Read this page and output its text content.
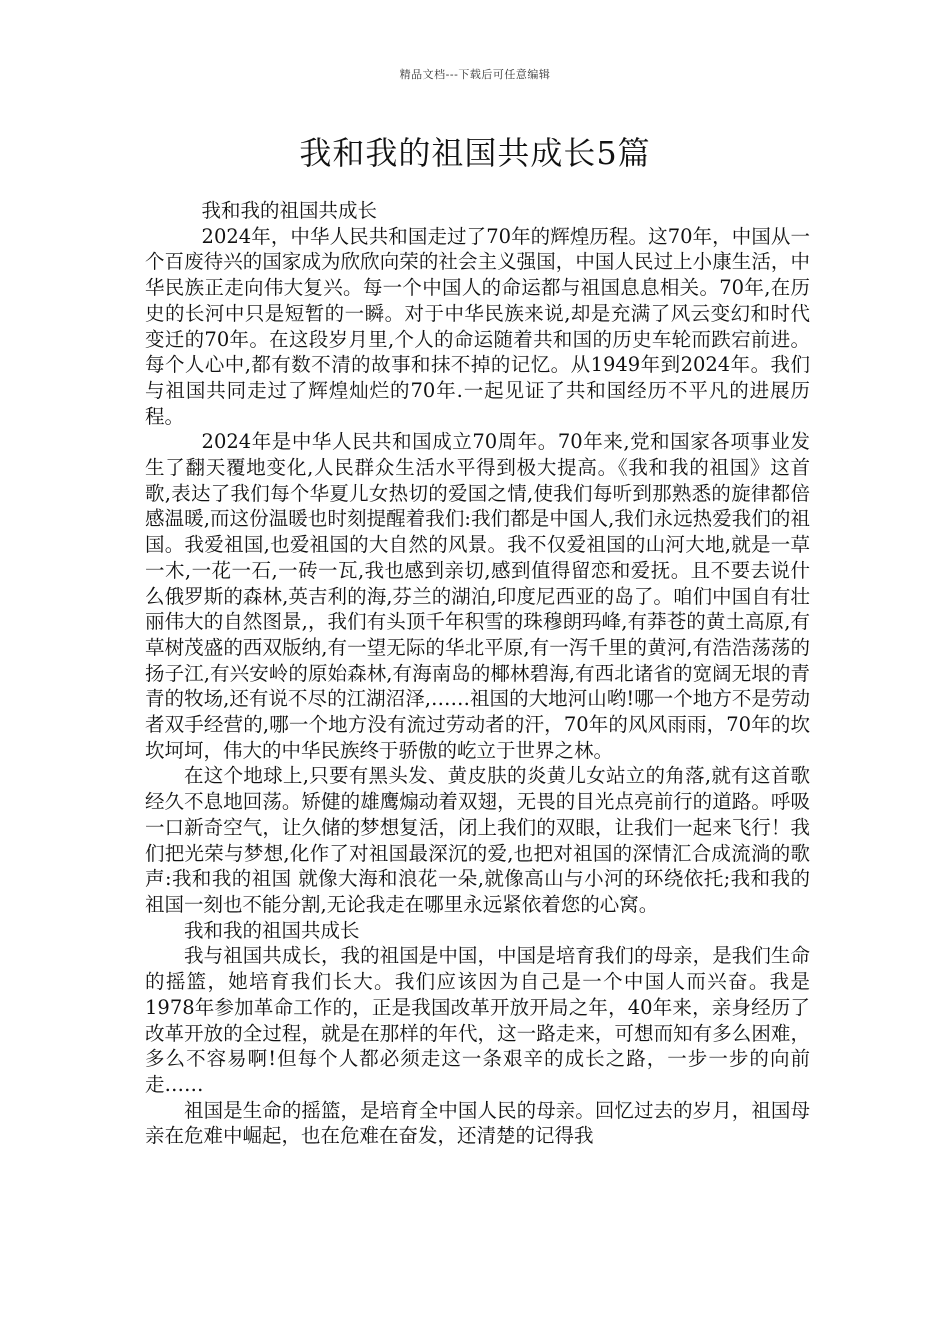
精品文档---下载后可任意编辑
我和我的祖国共成长5篇

我和我的祖国共成长

2024年，中华人民共和国走过了70年的辉煌历程。这70年，中国从一个百废待兴的国家成为欣欣向荣的社会主义强国，中国人民过上小康生活，中华民族正走向伟大复兴。每一个中国人的命运都与祖国息息相关。70年,在历史的长河中只是短暂的一瞬。对于中华民族来说,却是充满了风云变幻和时代变迁的70年。在这段岁月里,个人的命运随着共和国的历史车轮而跌宕前进。每个人心中,都有数不清的故事和抹不掉的记忆。从1949年到2024年。我们与祖国共同走过了辉煌灿烂的70年.一起见证了共和国经历不平凡的进展历程。

2024年是中华人民共和国成立70周年。70年来,党和国家各项事业发生了翻天覆地变化,人民群众生活水平得到极大提高。《我和我的祖国》这首歌,表达了我们每个华夏儿女热切的爱国之情,使我们每听到那熟悉的旋律都倍感温暖,而这份温暖也时刻提醒着我们:我们都是中国人,我们永远热爱我们的祖国。我爱祖国,也爱祖国的大自然的风景。我不仅爱祖国的山河大地,就是一草一木,一花一石,一砖一瓦,我也感到亲切,感到值得留恋和爱抚。且不要去说什么俄罗斯的森林,英吉利的海,芬兰的湖泊,印度尼西亚的岛了。咱们中国自有壮丽伟大的自然图景,，我们有头顶千年积雪的珠穆朗玛峰,有莽苍的黄土高原,有草树茂盛的西双版纳,有一望无际的华北平原,有一泻千里的黄河,有浩浩荡荡的扬子江,有兴安岭的原始森林,有海南岛的椰林碧海,有西北诸省的宽阔无垠的青青的牧场,还有说不尽的江湖沼泽,……祖国的大地河山哟!哪一个地方不是劳动者双手经营的,哪一个地方没有流过劳动者的汗，70年的风风雨雨，70年的坎坎坷坷，伟大的中华民族终于骄傲的屹立于世界之林。

在这个地球上,只要有黑头发、黄皮肤的炎黄儿女站立的角落,就有这首歌经久不息地回荡。矫健的雄鹰煽动着双翅，无畏的目光点亮前行的道路。呼吸一口新奇空气，让久储的梦想复活，闭上我们的双眼，让我们一起来飞行！我们把光荣与梦想,化作了对祖国最深沉的爱,也把对祖国的深情汇合成流淌的歌声:我和我的祖国 就像大海和浪花一朵,就像高山与小河的环绕依托;我和我的祖国一刻也不能分割,无论我走在哪里永远紧依着您的心窝。

我和我的祖国共成长

我与祖国共成长，我的祖国是中国，中国是培育我们的母亲，是我们生命的摇篮，她培育我们长大。我们应该因为自己是一个中国人而兴奋。我是1978年参加革命工作的，正是我国改革开放开局之年，40年来，亲身经历了改革开放的全过程，就是在那样的年代，这一路走来，可想而知有多么困难，多么不容易啊!但每个人都必须走这一条艰辛的成长之路，一步一步的向前走……

祖国是生命的摇篮，是培育全中国人民的母亲。回忆过去的岁月，祖国母亲在危难中崛起，也在危难在奋发，还清楚的记得我
